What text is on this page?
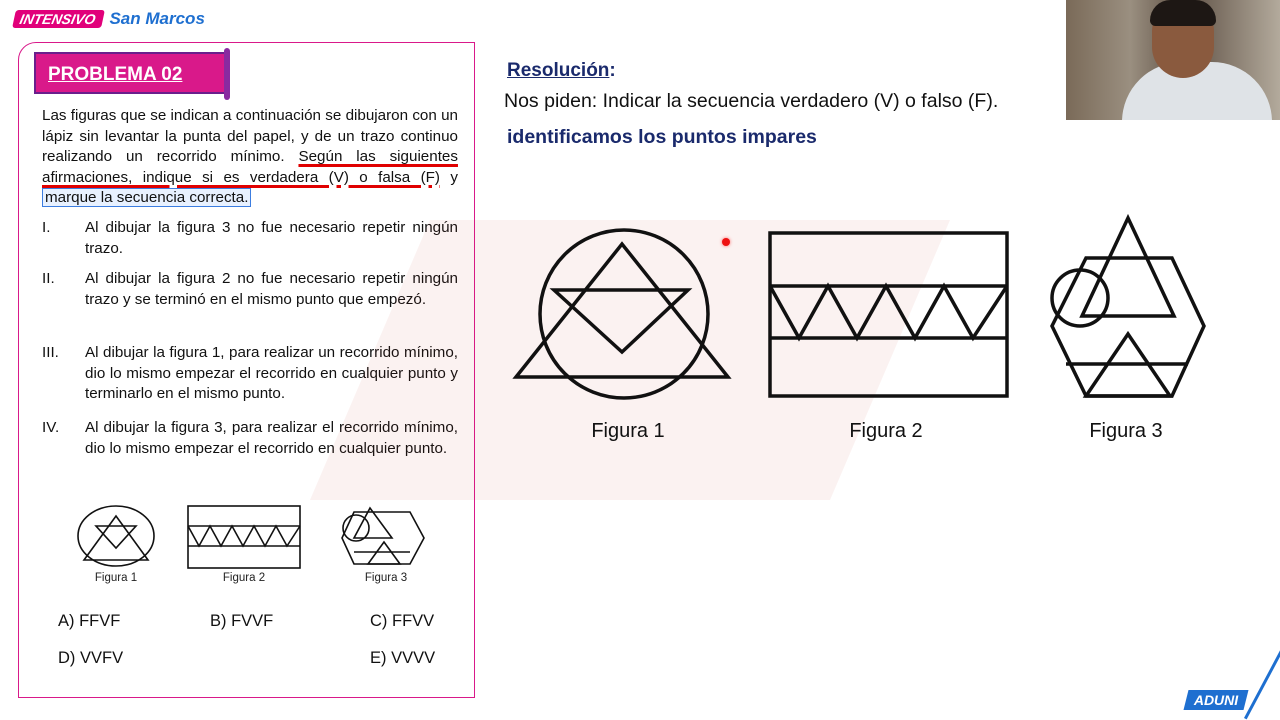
INTENSIVO San Marcos
PROBLEMA 02
Las figuras que se indican a continuación se dibujaron con un lápiz sin levantar la punta del papel, y de un trazo continuo realizando un recorrido mínimo. Según las siguientes afirmaciones, indique si es verdadera (V) o falsa (F) y marque la secuencia correcta.
I.	Al dibujar la figura 3 no fue necesario repetir ningún trazo.
II.	Al dibujar la figura 2 no fue necesario repetir ningún trazo y se terminó en el mismo punto que empezó.
III.	Al dibujar la figura 1, para realizar un recorrido mínimo, dio lo mismo empezar el recorrido en cualquier punto y terminarlo en el mismo punto.
IV.	Al dibujar la figura 3, para realizar el recorrido mínimo, dio lo mismo empezar el recorrido en cualquier punto.
Figura 1	Figura 2	Figura 3
A) FFVF	B) FVVF	C) FFVV
D) VVFV	E) VVVV
Resolución:
Nos piden: Indicar la secuencia verdadero (V) o falso (F).
identificamos los puntos impares
Figura 1	Figura 2	Figura 3
ADUNI
